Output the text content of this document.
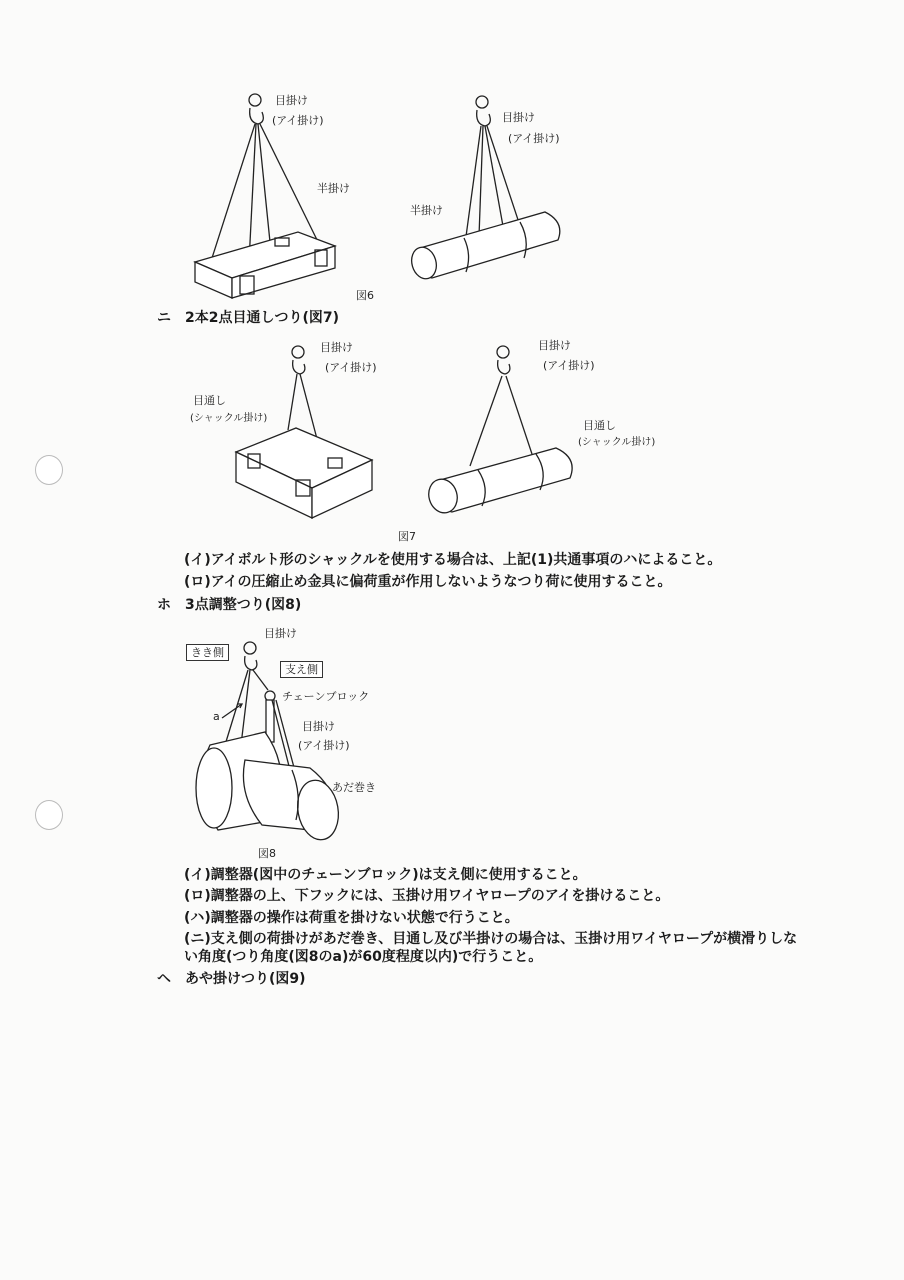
目掛け
(アイ掛け)
半掛け
目掛け
(アイ掛け)
半掛け
図6
ニ 2本2点目通しつり(図7)
目掛け
(アイ掛け)
目通し
(シャックル掛け)
目掛け
(アイ掛け)
目通し
(シャックル掛け)
図7
(イ)アイボルト形のシャックルを使用する場合は、上記(1)共通事項のハによること。
(ロ)アイの圧縮止め金具に偏荷重が作用しないようなつり荷に使用すること。
ホ 3点調整つり(図8)
目掛け
きき側
支え側
チェーンブロック
a
目掛け
(アイ掛け)
あだ巻き
図8
(イ)調整器(図中のチェーンブロック)は支え側に使用すること。
(ロ)調整器の上、下フックには、玉掛け用ワイヤロープのアイを掛けること。
(ハ)調整器の操作は荷重を掛けない状態で行うこと。
(ニ)支え側の荷掛けがあだ巻き、目通し及び半掛けの場合は、玉掛け用ワイヤロープが横滑りしな
い角度(つり角度(図8のa)が60度程度以内)で行うこと。
ヘ あや掛けつり(図9)
